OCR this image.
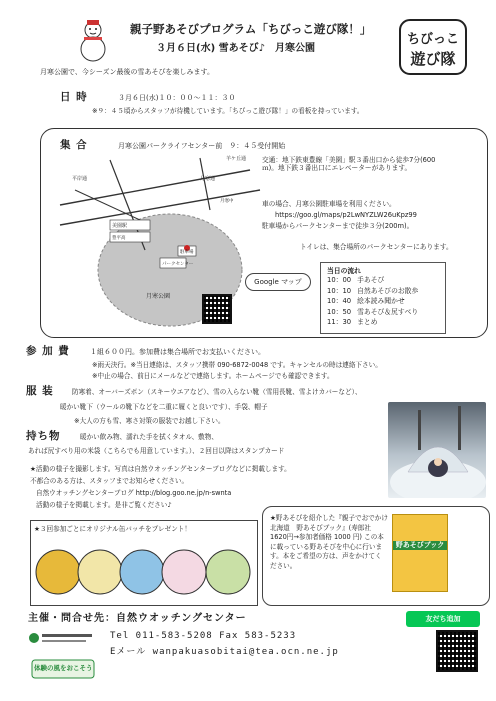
親子野あそびプログラム「ちびっこ遊び隊！」
３月６日(水) 雪あそび♪　月寒公園
ちびっこ
遊び隊
月寒公園で、今シーズン最後の雪あそびを楽しみます。
日 時	３月６日(水)１０：００～１１：３０
※９：４５頃からスタッフが待機しています。「ちびっこ遊び隊！」の看板を持っています。
集 合	月寒公園パークライフセンター前　９：４５受付開始
美園駅
平岸通	月寒通
羊ケ丘通
月寒公園
パークセンター
駐車場
月寒中
豊平高
Google マップ
交通：地下鉄東豊線「美園」駅３番出口から徒歩7分(600ｍ)。地下鉄３番出口にエレベーターがあります。
車の場合、月寒公園駐車場を利用ください。
https://goo.gl/maps/p2LwNYZLW26uKpz99
駐車場からパークセンターまで徒歩３分(200m)。
トイレは、集合場所のパークセンターにあります。
当日の流れ
10：00 手あそび
10：10 自然あそびのお散歩
10：40 絵本読み聞かせ
10：50 雪あそび＆尻すべり
11：30 まとめ
参 加 費	１組６００円。参加費は集合場所でお支払いください。
※雨天決行。※当日連絡は、スタッフ携帯 090-6872-0048 です。キャンセルの時は連絡下さい。
※中止の場合、前日にメールなどで連絡します。ホームページでも確認できます。
服 装	防寒着、オーバーズボン（スキーウエアなど）、雪の入らない靴（雪用長靴、雪よけカバーなど）、
暖かい靴下（ウールの靴下などを二重に履くと良いです）、手袋、帽子
※大人の方も雪、寒さ対策の服装でお越し下さい。
持ち物	暖かい飲み物、濡れた手を拭くタオル、敷物、
あれば尻すべり用の米袋（こちらでも用意しています。）、２回目以降はスタンプカード
★活動の様子を撮影します。写真は自然ウオッチングセンターブログなどに掲載します。
不都合のある方は、スタッフまでお知らせください。
自然ウオッチングセンターブログ http://blog.goo.ne.jp/n-swnta
活動の様子を掲載します。是非ご覧ください♪
★３回参加ごとにオリジナル缶バッチをプレゼント！
★野あそびを紹介した『親子でおでかけ北海道　野あそびブック』(寿郎社 1620円→参加者価格 1000 円) この本に載っている野あそびを中心に行います。本をご希望の方は、声をかけてください。
野あそびブック
主催・問合せ先：自然ウオッチングセンター
体験の風をおこそう
Tel 011-583-5208 Fax 583-5233
Eメール wanpakuasobitai@tea.ocn.ne.jp
友だち追加
